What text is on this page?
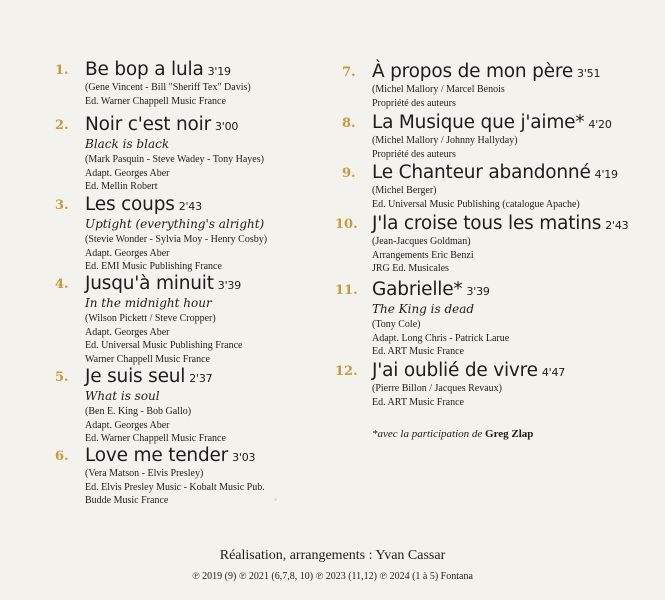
1. Be bop a lula 3'19
(Gene Vincent - Bill "Sheriff Tex" Davis)
Ed. Warner Chappell Music France
2. Noir c'est noir 3'00
Black is black
(Mark Pasquin - Steve Wadey - Tony Hayes)
Adapt. Georges Aber
Ed. Mellin Robert
3. Les coups 2'43
Uptight (everything's alright)
(Stevie Wonder - Sylvia Moy - Henry Cosby)
Adapt. Georges Aber
Ed. EMI Music Publishing France
4. Jusqu'à minuit 3'39
In the midnight hour
(Wilson Pickett / Steve Cropper)
Adapt. Georges Aber
Ed. Universal Music Publishing France
Warner Chappell Music France
5. Je suis seul 2'37
What is soul
(Ben E. King - Bob Gallo)
Adapt. Georges Aber
Ed. Warner Chappell Music France
6. Love me tender 3'03
(Vera Matson - Elvis Presley)
Ed. Elvis Presley Music - Kobalt Music Pub.
Budde Music France
7. À propos de mon père 3'51
(Michel Mallory / Marcel Benois
Propriété des auteurs
8. La Musique que j'aime* 4'20
(Michel Mallory / Johnny Hallyday)
Propriété des auteurs
9. Le Chanteur abandonné 4'19
(Michel Berger)
Ed. Universal Music Publishing (catalogue Apache)
10. J'la croise tous les matins 2'43
(Jean-Jacques Goldman)
Arrangements Eric Benzi
JRG Ed. Musicales
11. Gabrielle* 3'39
The King is dead
(Tony Cole)
Adapt. Long Chris - Patrick Larue
Ed. ART Music France
12. J'ai oublié de vivre 4'47
(Pierre Billon / Jacques Revaux)
Ed. ART Music France
*avec la participation de Greg Zlap
Réalisation, arrangements : Yvan Cassar
℗ 2019 (9) ℗ 2021 (6,7,8, 10) ℗ 2023 (11,12) ℗ 2024 (1 à 5) Fontana
